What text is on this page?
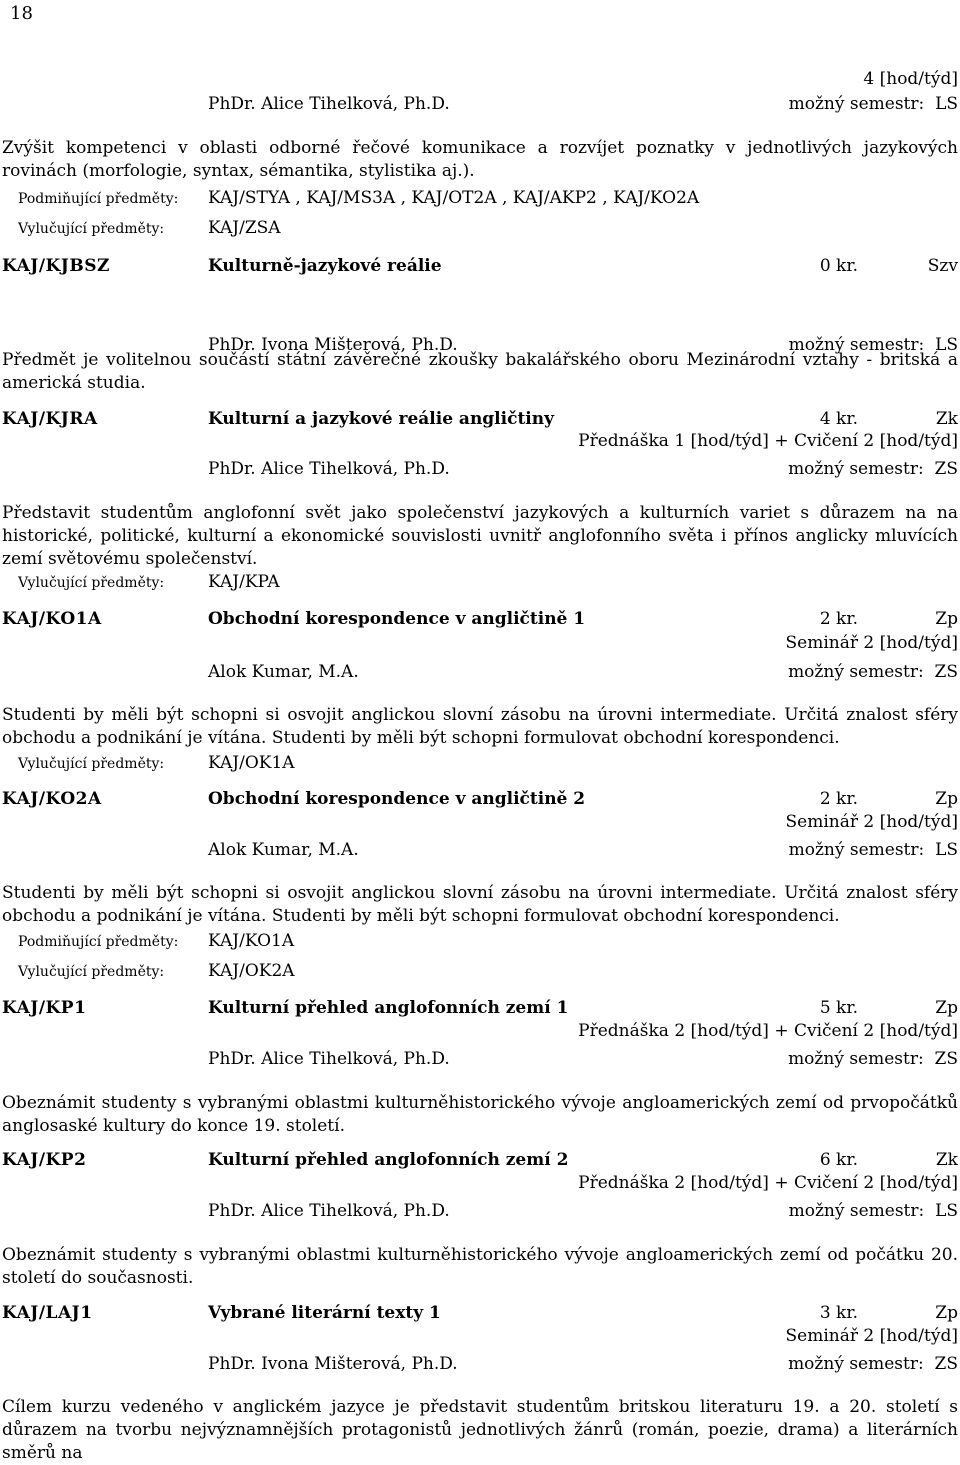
18
4 [hod/týd]
PhDr. Alice Tihelková, Ph.D.	možný semestr: LS
Zvýšit kompetenci v oblasti odborné řečové komunikace a rozvíjet poznatky v jednotlivých jazykových rovinách (morfologie, syntax, sémantika, stylistika aj.).
Podmiňující předměty: KAJ/STYA , KAJ/MS3A , KAJ/OT2A , KAJ/AKP2 , KAJ/KO2A
Vylučující předměty:	KAJ/ZSA
KAJ/KJBSZ	Kulturně-jazykové reálie	0 kr.	Szv
PhDr. Ivona Mišterová, Ph.D.	možný semestr: LS
Předmět je volitelnou součástí státní závěrečné zkoušky bakalářského oboru Mezinárodní vztahy - britská a americká studia.
KAJ/KJRA	Kulturní a jazykové reálie angličtiny	4 kr.	Zk
Přednáška 1 [hod/týd] + Cvičení 2 [hod/týd]
PhDr. Alice Tihelková, Ph.D.	možný semestr: ZS
Představit studentům anglofonní svět jako společenství jazykových a kulturních variet s důrazem na na historické, politické, kulturní a ekonomické souvislosti uvnitř anglofonního světa i přínos anglicky mluvících zemí světovému společenství.
Vylučující předměty:	KAJ/KPA
KAJ/KO1A	Obchodní korespondence v angličtině 1	2 kr.	Zp
Seminář 2 [hod/týd]
Alok Kumar, M.A.	možný semestr: ZS
Studenti by měli být schopni si osvojit anglickou slovní zásobu na úrovni intermediate. Určitá znalost sféry obchodu a podnikání je vítána. Studenti by měli být schopni formulovat obchodní korespondenci.
Vylučující předměty:	KAJ/OK1A
KAJ/KO2A	Obchodní korespondence v angličtině 2	2 kr.	Zp
Seminář 2 [hod/týd]
Alok Kumar, M.A.	možný semestr: LS
Studenti by měli být schopni si osvojit anglickou slovní zásobu na úrovni intermediate. Určitá znalost sféry obchodu a podnikání je vítána. Studenti by měli být schopni formulovat obchodní korespondenci.
Podmiňující předměty: KAJ/KO1A
Vylučující předměty:	KAJ/OK2A
KAJ/KP1	Kulturní přehled anglofonních zemí 1	5 kr.	Zp
Přednáška 2 [hod/týd] + Cvičení 2 [hod/týd]
PhDr. Alice Tihelková, Ph.D.	možný semestr: ZS
Obeznámit studenty s vybranými oblastmi kulturněhistorického vývoje angloamerických zemí od prvopočátků anglosaské kultury do konce 19. století.
KAJ/KP2	Kulturní přehled anglofonních zemí 2	6 kr.	Zk
Přednáška 2 [hod/týd] + Cvičení 2 [hod/týd]
PhDr. Alice Tihelková, Ph.D.	možný semestr: LS
Obeznámit studenty s vybranými oblastmi kulturněhistorického vývoje angloamerických zemí od počátku 20. století do současnosti.
KAJ/LAJ1	Vybrané literární texty 1	3 kr.	Zp
Seminář 2 [hod/týd]
PhDr. Ivona Mišterová, Ph.D.	možný semestr: ZS
Cílem kurzu vedeného v anglickém jazyce je představit studentům britskou literaturu 19. a 20. století s důrazem na tvorbu nejvýznamnějších protagonistů jednotlivých žánrů (román, poezie, drama) a literárních směrů na
